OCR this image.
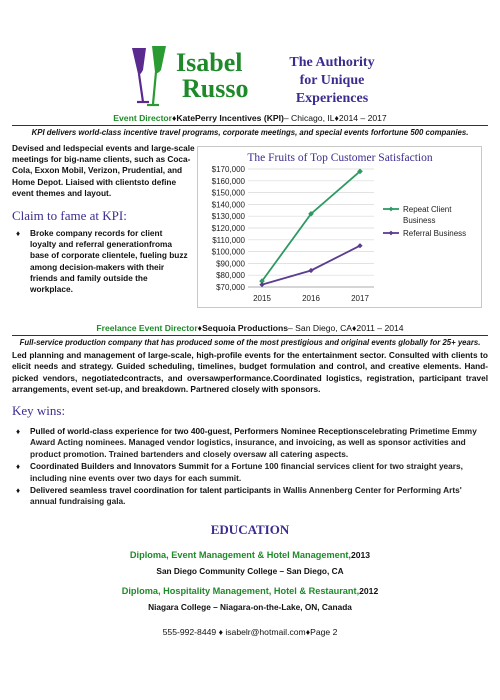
Isabel
Russo
The Authority
for Unique
Experiences
Event Director♦KatePerry Incentives (KPI)– Chicago, IL♦2014 – 2017
KPI delivers world-class incentive travel programs, corporate meetings, and special events forfortune 500 companies.
Devised and ledspecial events and large-scale meetings for big-name clients, such as Coca-Cola, Exxon Mobil, Verizon, Prudential, and Home Depot. Liaised with clientsto define event themes and layout.
Claim to fame at KPI:
♦ Broke company records for client loyalty and referral generationfroma base of corporate clientele, fueling buzz among decision-makers with their friends and family outside the workplace.
The Fruits of Top Customer Satisfaction
$70,000
$80,000
$90,000
$100,000
$110,000
$120,000
$130,000
$140,000
$150,000
$160,000
$170,000
2015	2016	2017
Repeat Client
Business
Referral Business
Freelance Event Director♦Sequoia Productions– San Diego, CA♦2011 – 2014
Full-service production company that has produced some of the most prestigious and original events globally for 25+ years.
Led planning and management of large-scale, high-profile events for the entertainment sector. Consulted with clients to elicit needs and strategy. Guided scheduling, timelines, budget formulation and control, and creative elements. Hand-picked vendors, negotiatedcontracts, and oversawperformance.Coordinated logistics, registration, participant travel arrangements, event set-up, and breakdown. Partnered closely with sponsors.
Key wins:
♦ Pulled of world-class experience for two 400-guest, Performers Nominee Receptionscelebrating Primetime Emmy Award Acting nominees. Managed vendor logistics, insurance, and invoicing, as well as sponsor activities and product promotion. Trained bartenders and closely oversaw all catering aspects.
♦ Coordinated Builders and Innovators Summit for a Fortune 100 financial services client for two straight years, including nine events over two days for each summit.
♦ Delivered seamless travel coordination for talent participants in Wallis Annenberg Center for Performing Arts' annual fundraising gala.
EDUCATION
Diploma, Event Management & Hotel Management,2013
San Diego Community College – San Diego, CA
Diploma, Hospitality Management, Hotel & Restaurant,2012
Niagara College – Niagara-on-the-Lake, ON, Canada
555-992-8449 ♦ isabelr@hotmail.com♦Page 2
